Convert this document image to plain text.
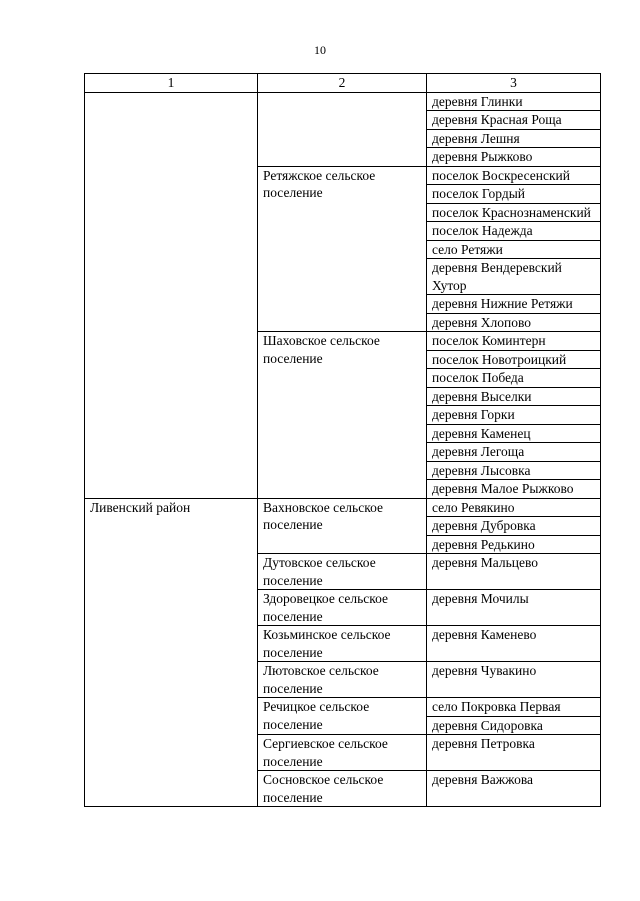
10
1	2	3
		деревня Глинки
		деревня Красная Роща
		деревня Лешня
		деревня Рыжково
	Ретяжское сельское поселение	поселок Воскресенский
		поселок Гордый
		поселок Краснознаменский
		поселок Надежда
		село Ретяжи
		деревня Вендеревский Хутор
		деревня Нижние Ретяжи
		деревня Хлопово
	Шаховское сельское поселение	поселок Коминтерн
		поселок Новотроицкий
		поселок Победа
		деревня Выселки
		деревня Горки
		деревня Каменец
		деревня Легоща
		деревня Лысовка
		деревня Малое Рыжково
Ливенский район	Вахновское сельское поселение	село Ревякино
		деревня Дубровка
		деревня Редькино
	Дутовское сельское поселение	деревня Мальцево
	Здоровецкое сельское поселение	деревня Мочилы
	Козьминское сельское поселение	деревня Каменево
	Лютовское сельское поселение	деревня Чувакино
	Речицкое сельское поселение	село Покровка Первая
		деревня Сидоровка
	Сергиевское сельское поселение	деревня Петровка
	Сосновское сельское поселение	деревня Важжова
